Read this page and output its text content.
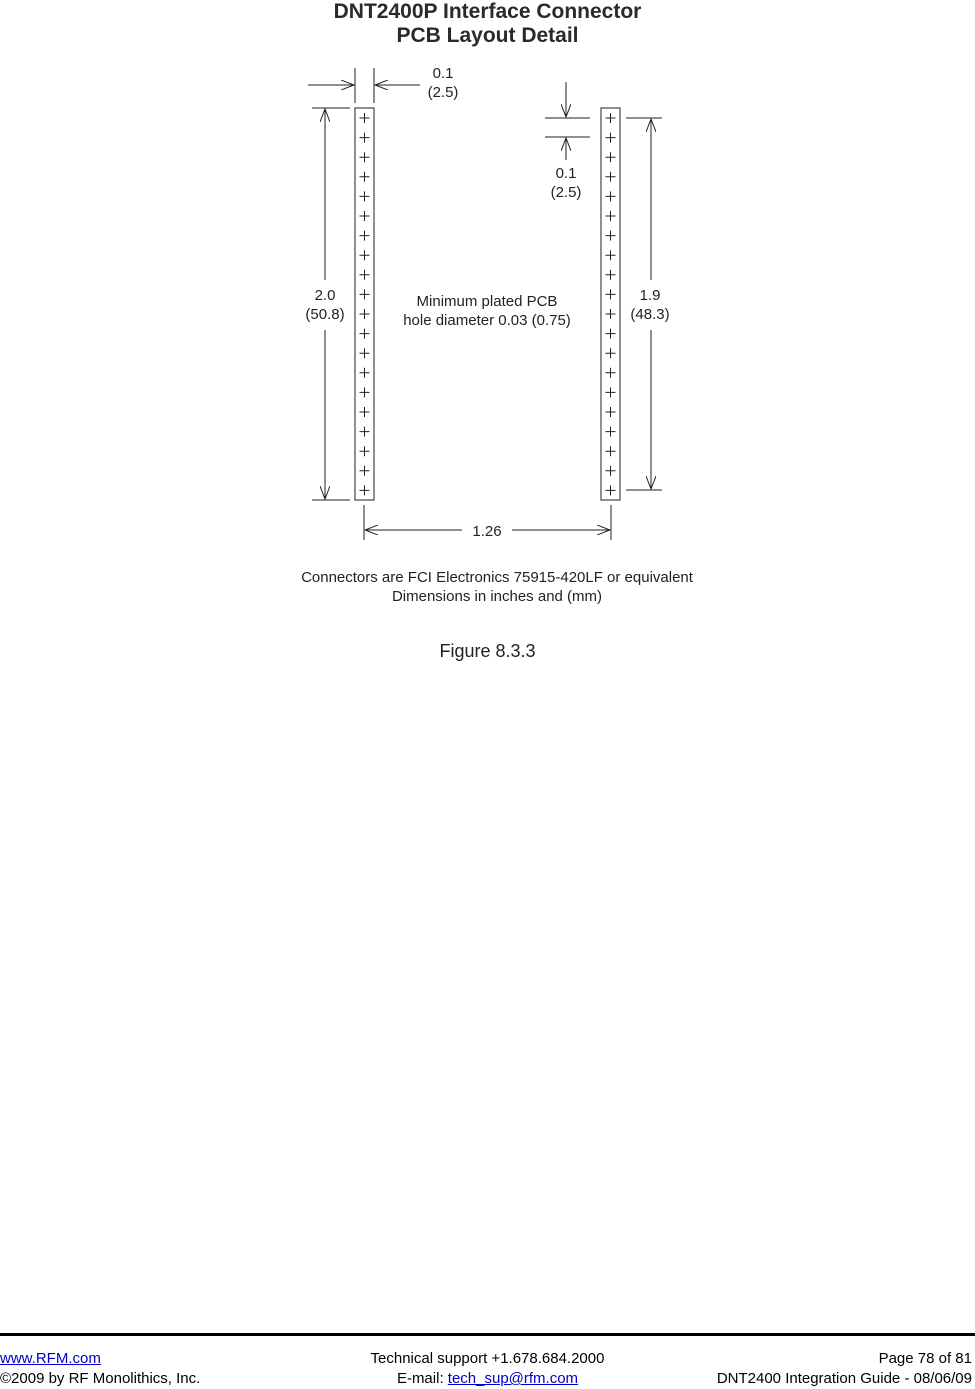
DNT2400P Interface Connector
PCB Layout Detail
0.1
(2.5)
0.1
(2.5)
2.0
(50.8)
1.9
(48.3)
Minimum plated PCB
hole diameter 0.03 (0.75)
1.26
Connectors are FCI Electronics 75915-420LF or equivalent
Dimensions in inches and (mm)
Figure 8.3.3
www.RFM.com
©2009 by RF Monolithics, Inc.
Technical support +1.678.684.2000
E-mail: tech_sup@rfm.com
Page 78 of 81
DNT2400 Integration Guide - 08/06/09
